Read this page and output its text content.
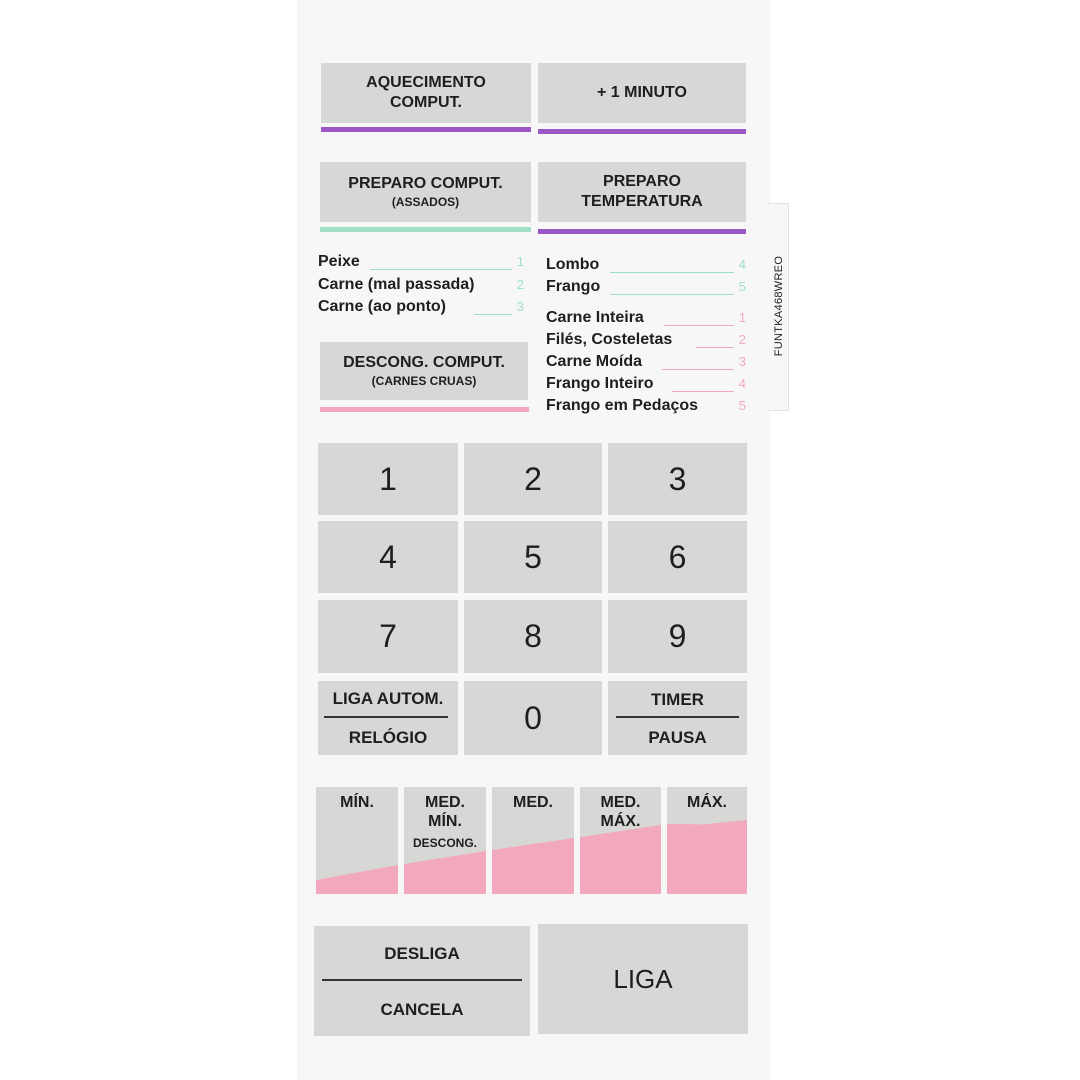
FUNTKA468WREO
AQUECIMENTO
COMPUT.
+ 1 MINUTO
PREPARO COMPUT.
(ASSADOS)
PREPARO
TEMPERATURA
Peixe	1
Carne (mal passada)	2
Carne (ao ponto)	3
Lombo	4
Frango	5
Carne Inteira	1
Filés, Costeletas	2
Carne Moída	3
Frango Inteiro	4
Frango em Pedaços	5
DESCONG. COMPUT.
(CARNES CRUAS)
1	2	3
4	5	6
7	8	9
LIGA AUTOM.
RELÓGIO
0	TIMER
PAUSA
MÍN.	MED.
MÍN.
DESCONG.
MED.	MED.
MÁX.
MÁX.
DESLIGA
CANCELA
LIGA
